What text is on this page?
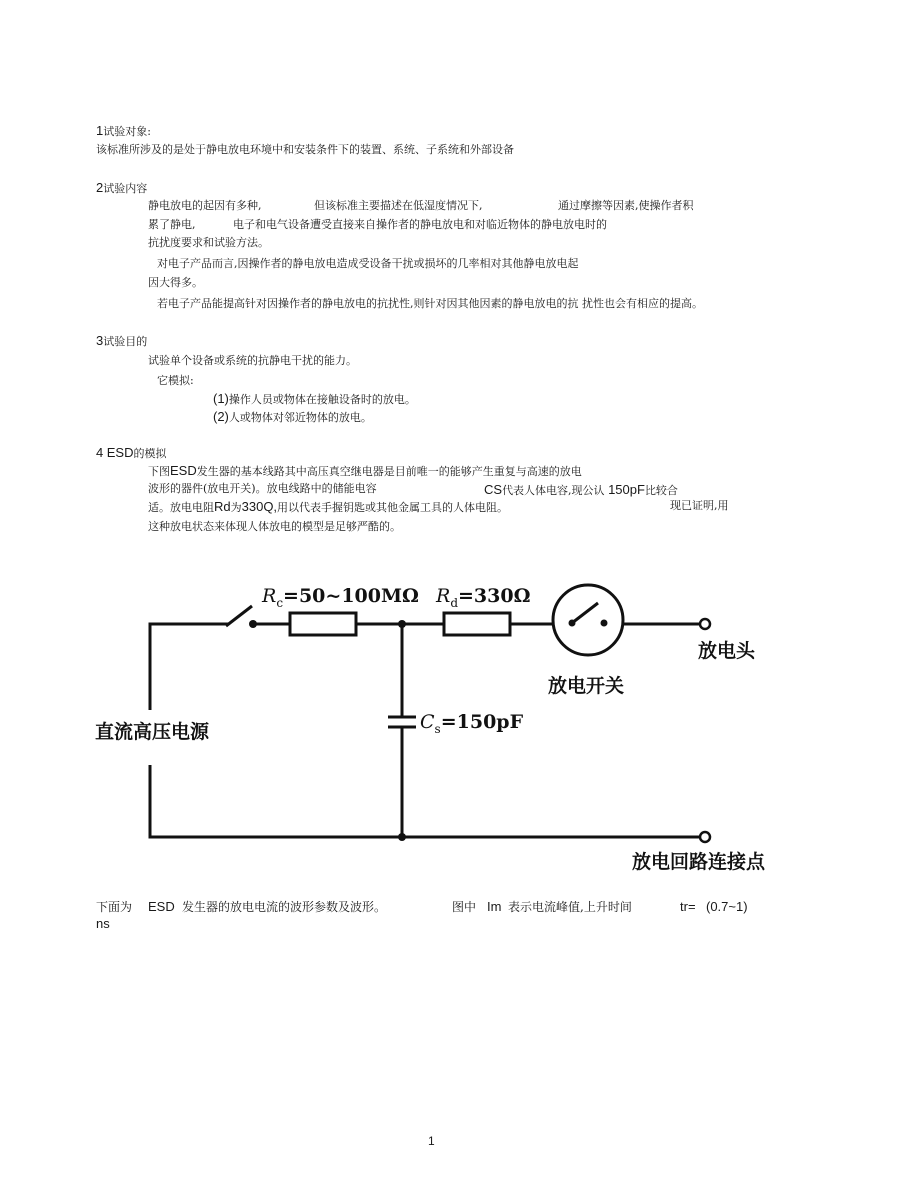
1试验对象:
该标准所涉及的是处于静电放电环境中和安装条件下的装置、系统、子系统和外部设备
2试验内容
静电放电的起因有多种,	但该标准主要描述在低湿度情况下,	通过摩擦等因素,使操作者积
累了静电,	电子和电气设备遭受直接来自操作者的静电放电和对临近物体的静电放电时的
抗扰度要求和试验方法。
对电子产品而言,因操作者的静电放电造成受设备干扰或损坏的几率相对其他静电放电起
因大得多。
若电子产品能提高针对因操作者的静电放电的抗扰性,则针对因其他因素的静电放电的抗 扰性也会有相应的提高。
3试验目的
试验单个设备或系统的抗静电干扰的能力。
它模拟:
(1)操作人员或物体在接触设备时的放电。
(2)人或物体对邻近物体的放电。
4 ESD的模拟
下图ESD发生器的基本线路其中高压真空继电器是目前唯一的能够产生重复与高速的放电
波形的器件(放电开关)。放电线路中的储能电容	CS代表人体电容,现公认 150pF比较合
适。放电电阻Rd为330Q,用以代表手握钥匙或其他金属工具的人体电阻。	现已证明,用
这种放电状态来体现人体放电的模型是足够严酷的。
$R_c=50\sim 100M\Omega$ $R_d=330\Omega$
$C_s=150pF$
直流高压电源
放电开关
放电头
放电回路连接点
下面为 ESD 发生器的放电电流的波形参数及波形。	图中 Im 表示电流峰值,上升时间	tr= (0.7~1)
ns
1
